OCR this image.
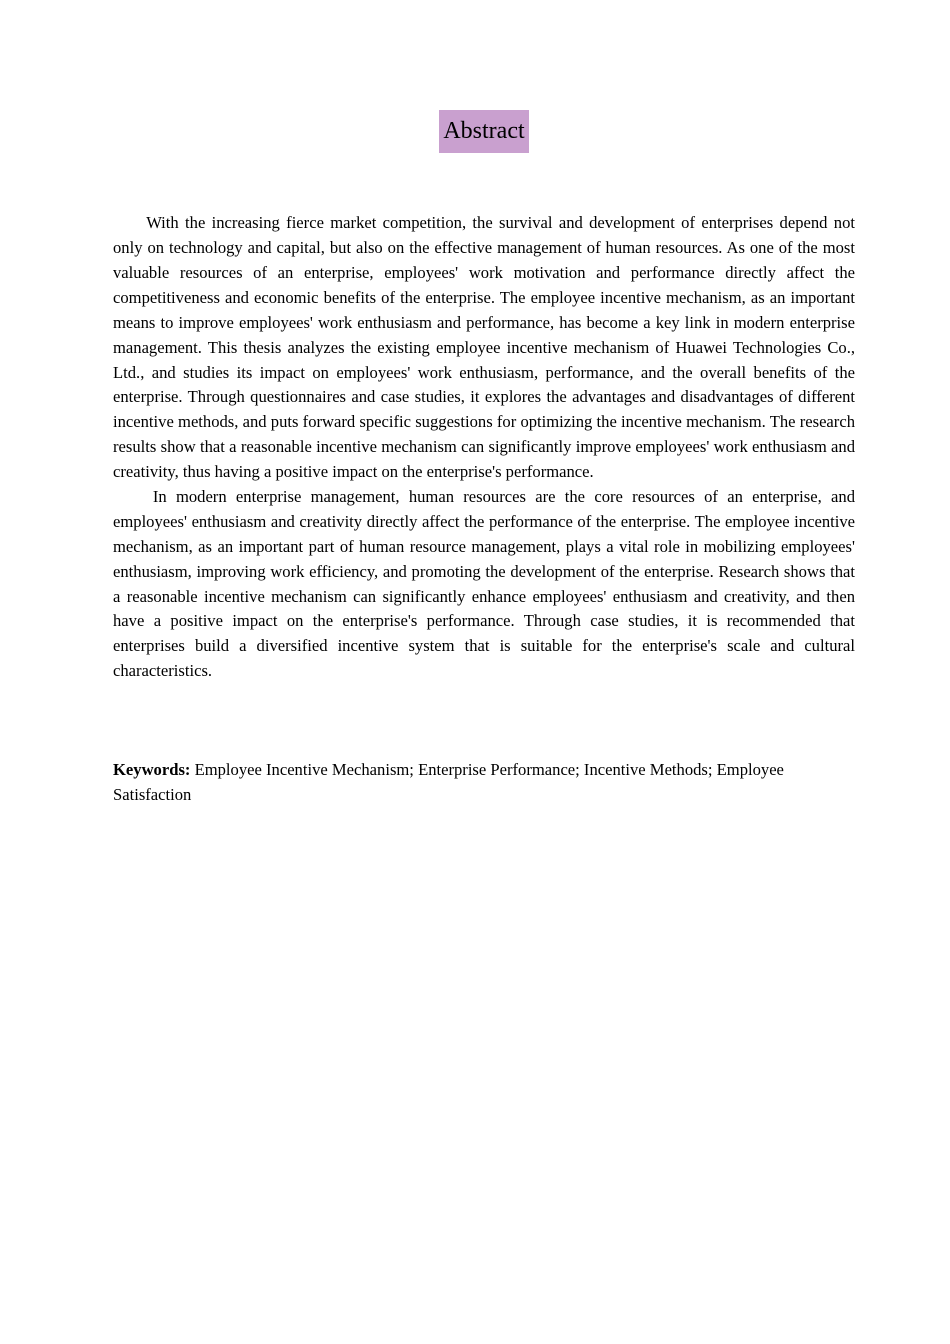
Abstract

With the increasing fierce market competition, the survival and development of enterprises depend not only on technology and capital, but also on the effective management of human resources. As one of the most valuable resources of an enterprise, employees' work motivation and performance directly affect the competitiveness and economic benefits of the enterprise. The employee incentive mechanism, as an important means to improve employees' work enthusiasm and performance, has become a key link in modern enterprise management. This thesis analyzes the existing employee incentive mechanism of Huawei Technologies Co., Ltd., and studies its impact on employees' work enthusiasm, performance, and the overall benefits of the enterprise. Through questionnaires and case studies, it explores the advantages and disadvantages of different incentive methods, and puts forward specific suggestions for optimizing the incentive mechanism. The research results show that a reasonable incentive mechanism can significantly improve employees' work enthusiasm and creativity, thus having a positive impact on the enterprise's performance.

In modern enterprise management, human resources are the core resources of an enterprise, and employees' enthusiasm and creativity directly affect the performance of the enterprise. The employee incentive mechanism, as an important part of human resource management, plays a vital role in mobilizing employees' enthusiasm, improving work efficiency, and promoting the development of the enterprise. Research shows that a reasonable incentive mechanism can significantly enhance employees' enthusiasm and creativity, and then have a positive impact on the enterprise's performance. Through case studies, it is recommended that enterprises build a diversified incentive system that is suitable for the enterprise's scale and cultural characteristics.

Keywords: Employee Incentive Mechanism; Enterprise Performance; Incentive Methods; Employee Satisfaction
